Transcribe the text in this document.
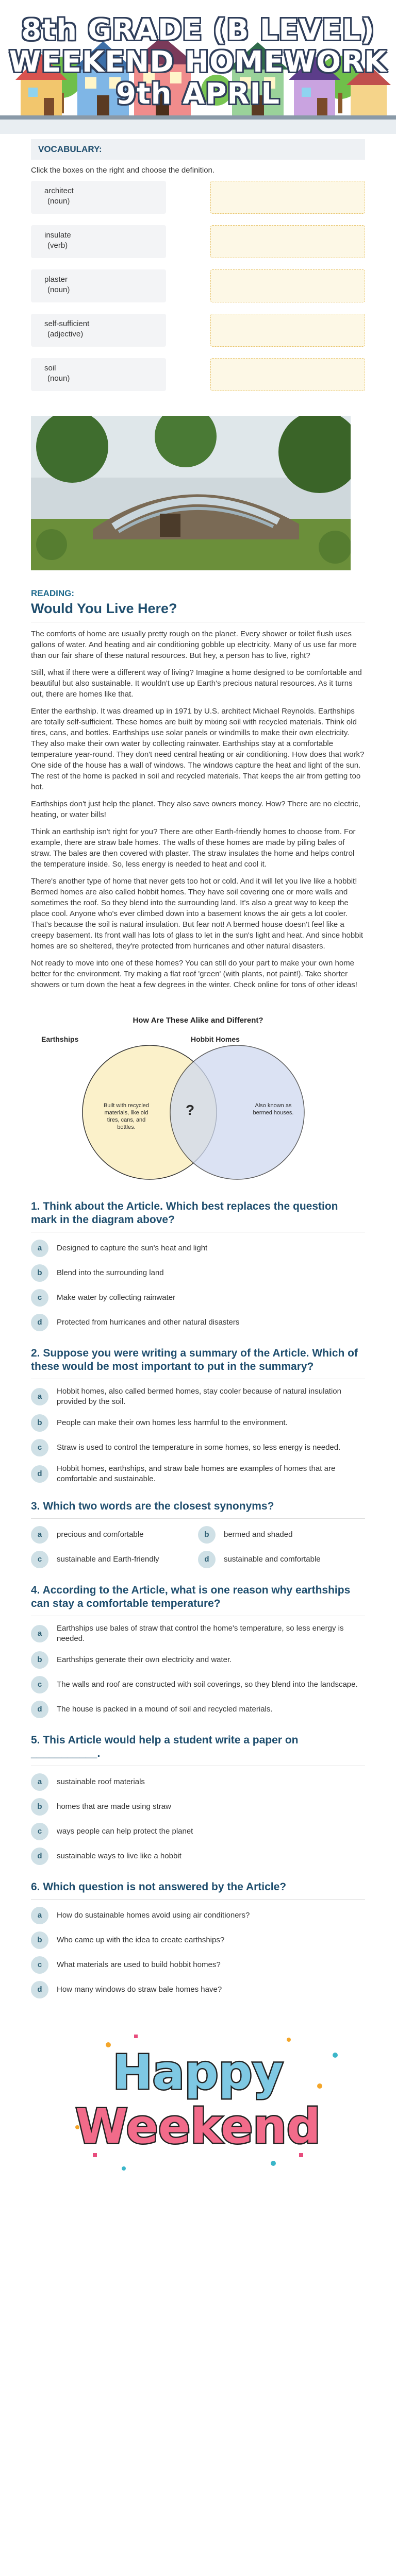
8th GRADE (B LEVEL) WEEKEND HOMEWORK 9th APRIL
VOCABULARY:
Click the boxes on the right and choose the definition.
architect
(noun)
insulate
(verb)
plaster
(noun)
self-sufficient
(adjective)
soil
(noun)
READING:
Would You Live Here?

The comforts of home are usually pretty rough on the planet. Every shower or toilet flush uses gallons of water. And heating and air conditioning gobble up electricity. Many of us use far more than our fair share of these natural resources. But hey, a person has to live, right?

Still, what if there were a different way of living? Imagine a home designed to be comfortable and beautiful but also sustainable. It wouldn't use up Earth's precious natural resources. As it turns out, there are homes like that.

Enter the earthship. It was dreamed up in 1971 by U.S. architect Michael Reynolds. Earthships are totally self-sufficient. These homes are built by mixing soil with recycled materials. Think old tires, cans, and bottles. Earthships use solar panels or windmills to make their own electricity. They also make their own water by collecting rainwater. Earthships stay at a comfortable temperature year-round. They don't need central heating or air conditioning. How does that work? One side of the house has a wall of windows. The windows capture the heat and light of the sun. The rest of the home is packed in soil and recycled materials. That keeps the air from getting too hot.

Earthships don't just help the planet. They also save owners money. How? There are no electric, heating, or water bills!

Think an earthship isn't right for you? There are other Earth-friendly homes to choose from. For example, there are straw bale homes. The walls of these homes are made by piling bales of straw. The bales are then covered with plaster. The straw insulates the home and helps control the temperature inside. So, less energy is needed to heat and cool it.

There's another type of home that never gets too hot or cold. And it will let you live like a hobbit! Bermed homes are also called hobbit homes. They have soil covering one or more walls and sometimes the roof. So they blend into the surrounding land. It's also a great way to keep the place cool. Anyone who's ever climbed down into a basement knows the air gets a lot cooler. That's because the soil is natural insulation. But fear not! A bermed house doesn't feel like a creepy basement. Its front wall has lots of glass to let in the sun's light and heat. And since hobbit homes are so sheltered, they're protected from hurricanes and other natural disasters.

Not ready to move into one of these homes? You can still do your part to make your own home better for the environment. Try making a flat roof 'green' (with plants, not paint!). Take shorter showers or turn down the heat a few degrees in the winter. Check online for tons of other ideas!

How Are These Alike and Different?
Earthships	Hobbit Homes
Built with recycled materials, like old tires, cans, and bottles.
Also known as bermed houses.
?
1. Think about the Article. Which best replaces the question mark in the diagram above?
a	Designed to capture the sun's heat and light
b	Blend into the surrounding land
c	Make water by collecting rainwater
d	Protected from hurricanes and other natural disasters
2. Suppose you were writing a summary of the Article. Which of these would be most important to put in the summary?
a
Hobbit homes, also called bermed homes, stay cooler because of natural insulation provided by the soil.
b	People can make their own homes less harmful to the environment.
c	Straw is used to control the temperature in some homes, so less energy is needed.
d
Hobbit homes, earthships, and straw bale homes are examples of homes that are comfortable and sustainable.
3. Which two words are the closest synonyms?
a	precious and comfortable	b	bermed and shaded
c	sustainable and Earth-friendly	d	sustainable and comfortable
4. According to the Article, what is one reason why earthships can stay a comfortable temperature?
a
Earthships use bales of straw that control the home's temperature, so less energy is needed.
b	Earthships generate their own electricity and water.
c	The walls and roof are constructed with soil coverings, so they blend into the landscape.
d	The house is packed in a mound of soil and recycled materials.
5. This Article would help a student write a paper on ___________.
a	sustainable roof materials
b	homes that are made using straw
c	ways people can help protect the planet
d	sustainable ways to live like a hobbit
6. Which question is not answered by the Article?
a	How do sustainable homes avoid using air conditioners?
b	Who came up with the idea to create earthships?
c	What materials are used to build hobbit homes?
d	How many windows do straw bale homes have?
Happy
Weekend
